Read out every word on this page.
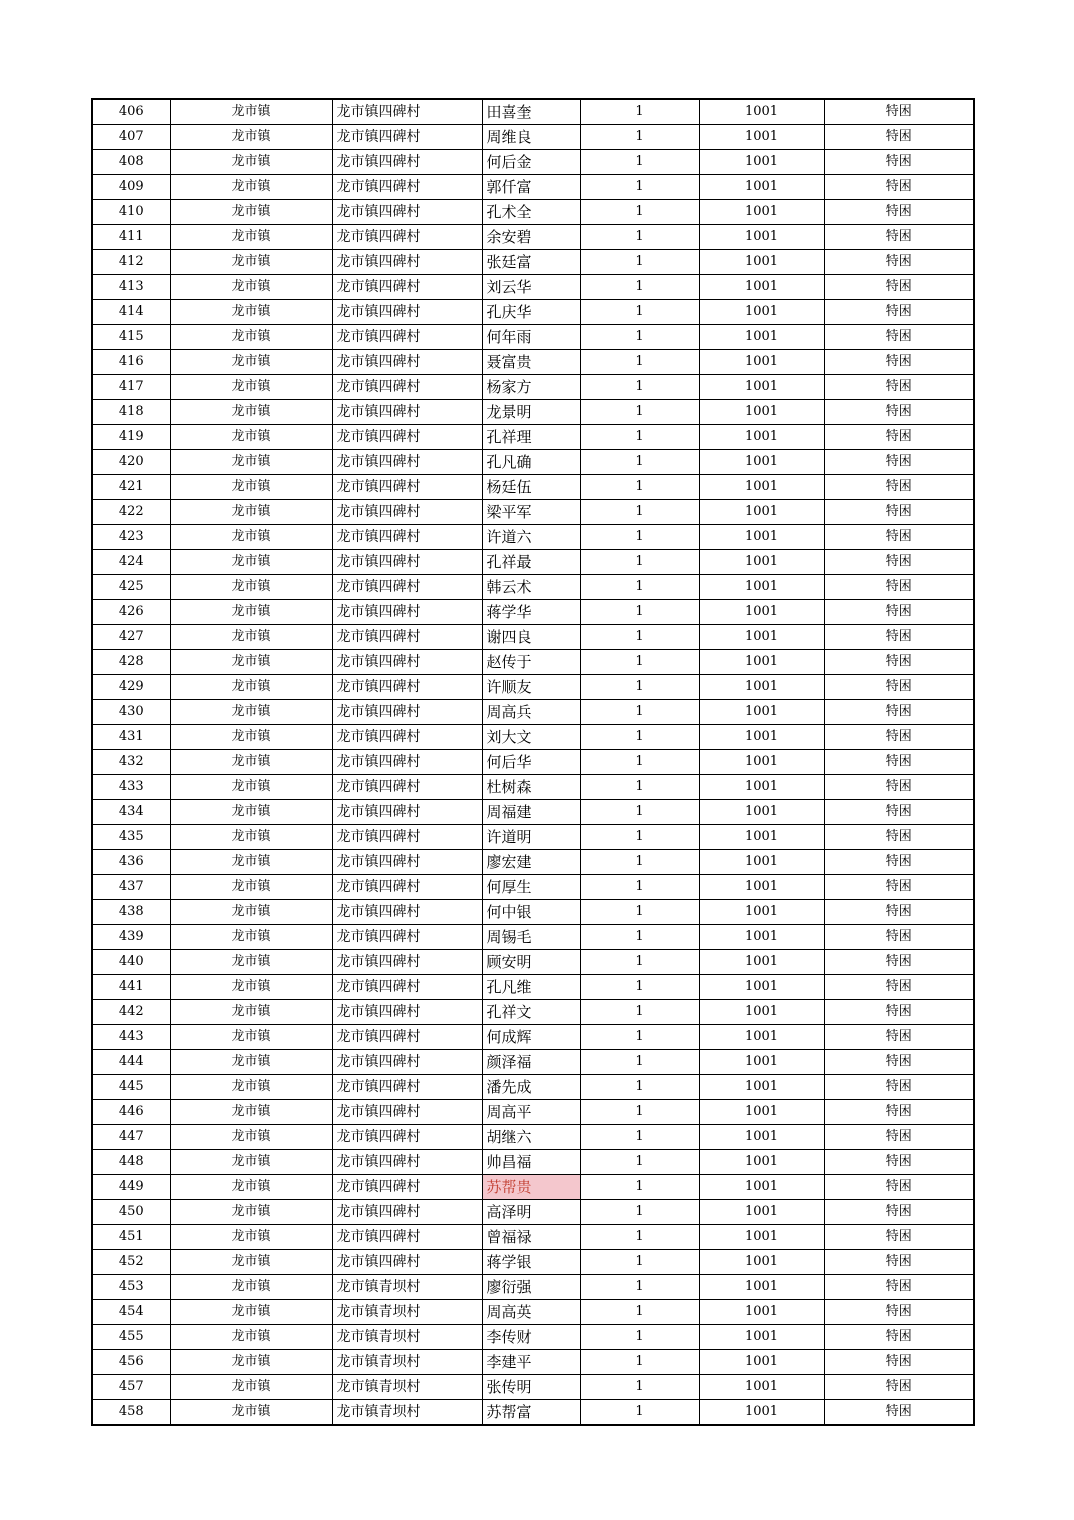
406	龙市镇	龙市镇四碑村	田喜奎	1	1001	特困
407	龙市镇	龙市镇四碑村	周维良	1	1001	特困
408	龙市镇	龙市镇四碑村	何后金	1	1001	特困
409	龙市镇	龙市镇四碑村	郭仟富	1	1001	特困
410	龙市镇	龙市镇四碑村	孔术全	1	1001	特困
411	龙市镇	龙市镇四碑村	余安碧	1	1001	特困
412	龙市镇	龙市镇四碑村	张廷富	1	1001	特困
413	龙市镇	龙市镇四碑村	刘云华	1	1001	特困
414	龙市镇	龙市镇四碑村	孔庆华	1	1001	特困
415	龙市镇	龙市镇四碑村	何年雨	1	1001	特困
416	龙市镇	龙市镇四碑村	聂富贵	1	1001	特困
417	龙市镇	龙市镇四碑村	杨家方	1	1001	特困
418	龙市镇	龙市镇四碑村	龙景明	1	1001	特困
419	龙市镇	龙市镇四碑村	孔祥理	1	1001	特困
420	龙市镇	龙市镇四碑村	孔凡确	1	1001	特困
421	龙市镇	龙市镇四碑村	杨廷伍	1	1001	特困
422	龙市镇	龙市镇四碑村	梁平军	1	1001	特困
423	龙市镇	龙市镇四碑村	许道六	1	1001	特困
424	龙市镇	龙市镇四碑村	孔祥最	1	1001	特困
425	龙市镇	龙市镇四碑村	韩云术	1	1001	特困
426	龙市镇	龙市镇四碑村	蒋学华	1	1001	特困
427	龙市镇	龙市镇四碑村	谢四良	1	1001	特困
428	龙市镇	龙市镇四碑村	赵传于	1	1001	特困
429	龙市镇	龙市镇四碑村	许顺友	1	1001	特困
430	龙市镇	龙市镇四碑村	周高兵	1	1001	特困
431	龙市镇	龙市镇四碑村	刘大文	1	1001	特困
432	龙市镇	龙市镇四碑村	何后华	1	1001	特困
433	龙市镇	龙市镇四碑村	杜树森	1	1001	特困
434	龙市镇	龙市镇四碑村	周福建	1	1001	特困
435	龙市镇	龙市镇四碑村	许道明	1	1001	特困
436	龙市镇	龙市镇四碑村	廖宏建	1	1001	特困
437	龙市镇	龙市镇四碑村	何厚生	1	1001	特困
438	龙市镇	龙市镇四碑村	何中银	1	1001	特困
439	龙市镇	龙市镇四碑村	周锡毛	1	1001	特困
440	龙市镇	龙市镇四碑村	顾安明	1	1001	特困
441	龙市镇	龙市镇四碑村	孔凡维	1	1001	特困
442	龙市镇	龙市镇四碑村	孔祥文	1	1001	特困
443	龙市镇	龙市镇四碑村	何成辉	1	1001	特困
444	龙市镇	龙市镇四碑村	颜泽福	1	1001	特困
445	龙市镇	龙市镇四碑村	潘先成	1	1001	特困
446	龙市镇	龙市镇四碑村	周高平	1	1001	特困
447	龙市镇	龙市镇四碑村	胡继六	1	1001	特困
448	龙市镇	龙市镇四碑村	帅昌福	1	1001	特困
449	龙市镇	龙市镇四碑村	苏帮贵	1	1001	特困
450	龙市镇	龙市镇四碑村	高泽明	1	1001	特困
451	龙市镇	龙市镇四碑村	曾福禄	1	1001	特困
452	龙市镇	龙市镇四碑村	蒋学银	1	1001	特困
453	龙市镇	龙市镇青坝村	廖衍强	1	1001	特困
454	龙市镇	龙市镇青坝村	周高英	1	1001	特困
455	龙市镇	龙市镇青坝村	李传财	1	1001	特困
456	龙市镇	龙市镇青坝村	李建平	1	1001	特困
457	龙市镇	龙市镇青坝村	张传明	1	1001	特困
458	龙市镇	龙市镇青坝村	苏帮富	1	1001	特困
